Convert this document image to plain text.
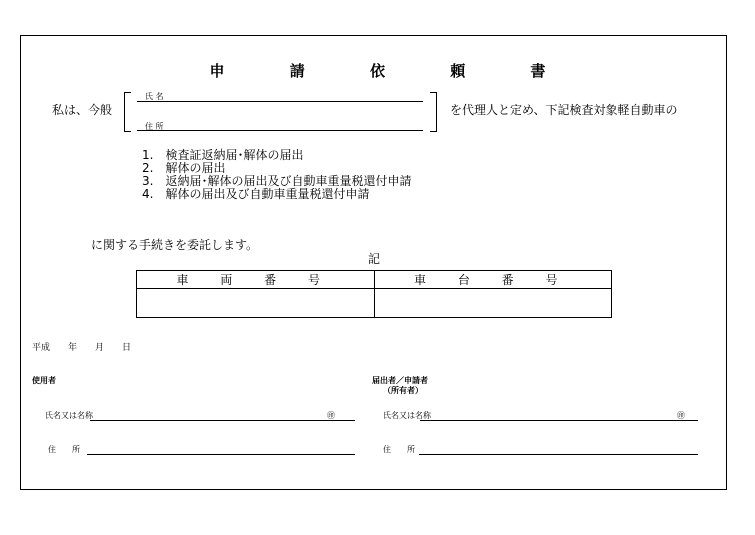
申 請 依 頼 書
私は、今般
氏 名
住 所
を代理人と定め、下記検査対象軽自動車の
1.　検査証返納届･解体の届出
2.　解体の届出
3.　返納届･解体の届出及び自動車重量税還付申請
4.　解体の届出及び自動車重量税還付申請
に関する手続きを委託します。
記
車 両 番 号	車 台 番 号

平成　　年　　月　　日
使用者
氏名又は名称	㊞
住　　所
届出者／申請者
（所有者）
氏名又は名称	㊞
住　　所
